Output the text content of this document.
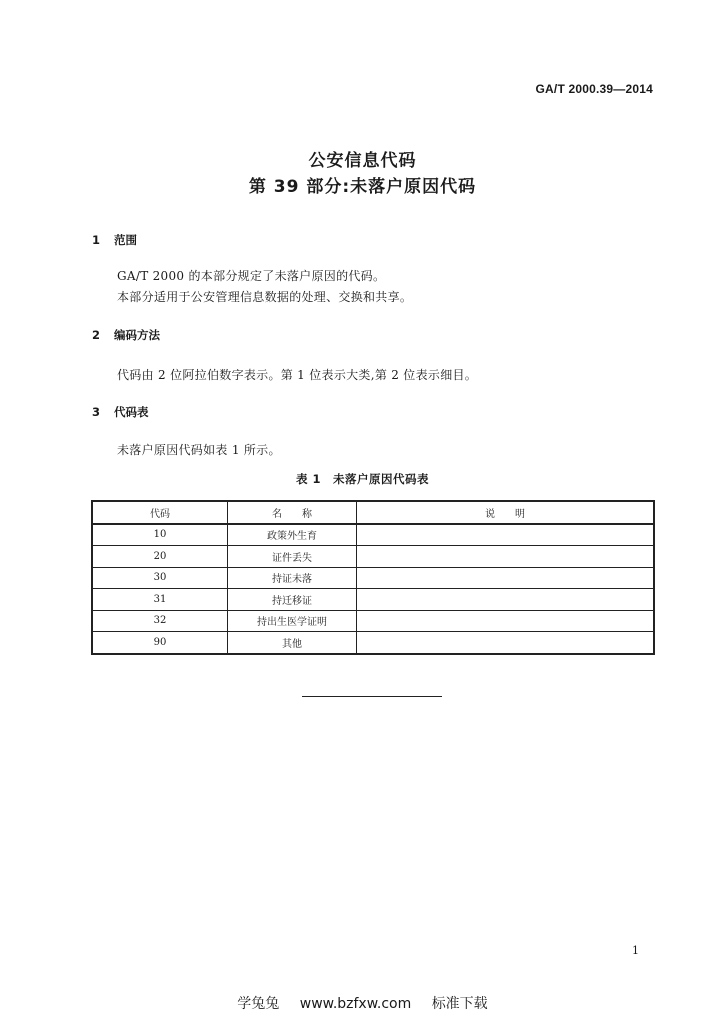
GA/T 2000.39—2014
公安信息代码
第 39 部分:未落户原因代码
1 范围
GA/T 2000 的本部分规定了未落户原因的代码。
本部分适用于公安管理信息数据的处理、交换和共享。
2 编码方法
代码由 2 位阿拉伯数字表示。第 1 位表示大类,第 2 位表示细目。
3 代码表
未落户原因代码如表 1 所示。
表 1　未落户原因代码表
代码	名　　称	说　　明
10	政策外生育	
20	证件丢失	
30	持证未落	
31	持迁移证	
32	持出生医学证明	
90	其他	
1
学兔兔 www.bzfxw.com 标准下载
